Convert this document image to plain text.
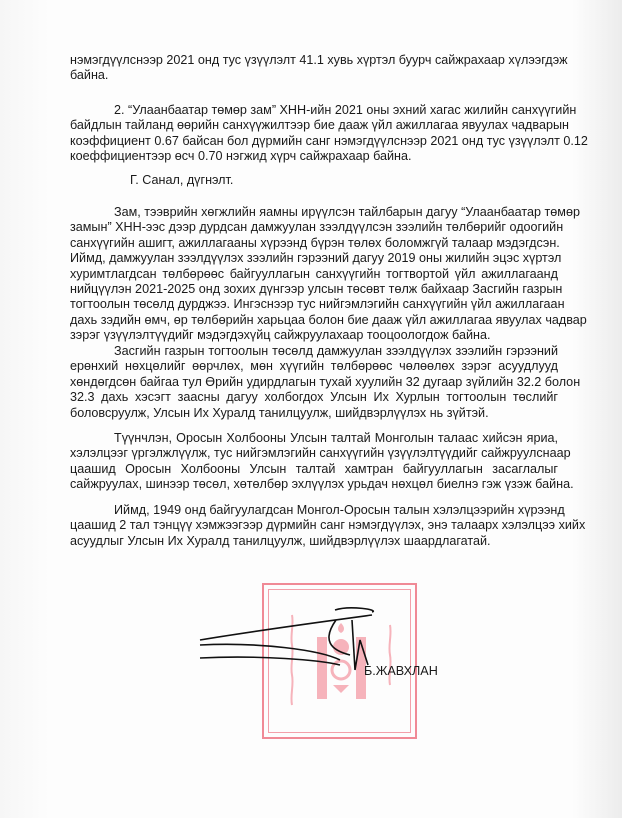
нэмэгдүүлснээр 2021 онд тус үзүүлэлт 41.1 хувь хүртэл буурч сайжрахаар хүлээгдэж
байна.
2. “Улаанбаатар төмөр зам” ХНН-ийн 2021 оны эхний хагас жилийн санхүүгийн
байдлын тайланд өөрийн санхүүжилтээр бие дааж үйл ажиллагаа явуулах чадварын
коэффициент 0.67 байсан бол дүрмийн санг нэмэгдүүлснээр 2021 онд тус үзүүлэлт 0.12
коеффициентээр өсч 0.70 нэгжид хүрч сайжрахаар байна.
Г. Санал, дүгнэлт.
Зам, тээврийн хөгжлийн яамны ирүүлсэн тайлбарын дагуу “Улаанбаатар төмөр
замын” ХНН-ээс дээр дурдсан дамжуулан зээлдүүлсэн зээлийн төлбөрийг одоогийн
санхүүгийн ашигт, ажиллагааны хүрээнд бүрэн төлөх боломжгүй талаар мэдэгдсэн.
Иймд, дамжуулан зээлдүүлэх зээлийн гэрээний дагуу 2019 оны жилийн эцэс хүртэл
хуримтлагдсан төлбөрөөс байгууллагын санхүүгийн тогтвортой үйл ажиллагаанд
нийцүүлэн 2021-2025 онд зохих дүнгээр улсын төсөвт төлж байхаар Засгийн газрын
тогтоолын төсөлд дурджээ. Ингэснээр тус нийгэмлэгийн санхүүгийн үйл ажиллагаан
дахь зэдийн өмч, өр төлбөрийн харьцаа болон бие дааж үйл ажиллагаа явуулах чадвар
зэрэг үзүүлэлтүүдийг мэдэгдэхүйц сайжруулахаар тооцоологдож байна.
Засгийн газрын тогтоолын төсөлд дамжуулан зээлдүүлэх зээлийн гэрээний
ерөнхий нөхцөлийг өөрчлөх, мөн хүүгийн төлбөрөөс чөлөөлөх зэрэг асуудлууд
хөндөгдсөн байгаа тул Өрийн удирдлагын тухай хуулийн 32 дугаар зүйлийн 32.2 болон
32.3 дахь хэсэгт заасны дагуу холбогдох Улсын Их Хурлын тогтоолын төслийг
боловсруулж, Улсын Их Хуралд танилцуулж, шийдвэрлүүлэх нь зүйтэй.
Түүнчлэн, Оросын Холбооны Улсын талтай Монголын талаас хийсэн яриа,
хэлэлцээг үргэлжлүүлж, тус нийгэмлэгийн санхүүгийн үзүүлэлтүүдийг сайжруулснаар
цаашид Оросын Холбооны Улсын талтай хамтран байгууллагын засаглалыг
сайжруулах, шинээр төсөл, хөтөлбөр эхлүүлэх урьдач нөхцөл биелнэ гэж үзэж байна.
Иймд, 1949 онд байгуулагдсан Монгол-Оросын талын хэлэлцээрийн хүрээнд
цаашид 2 тал тэнцүү хэмжээгээр дүрмийн санг нэмэгдүүлэх, энэ талаарх хэлэлцээ хийх
асуудлыг Улсын Их Хуралд танилцуулж, шийдвэрлүүлэх шаардлагатай.
Б.ЖАВХЛАН
